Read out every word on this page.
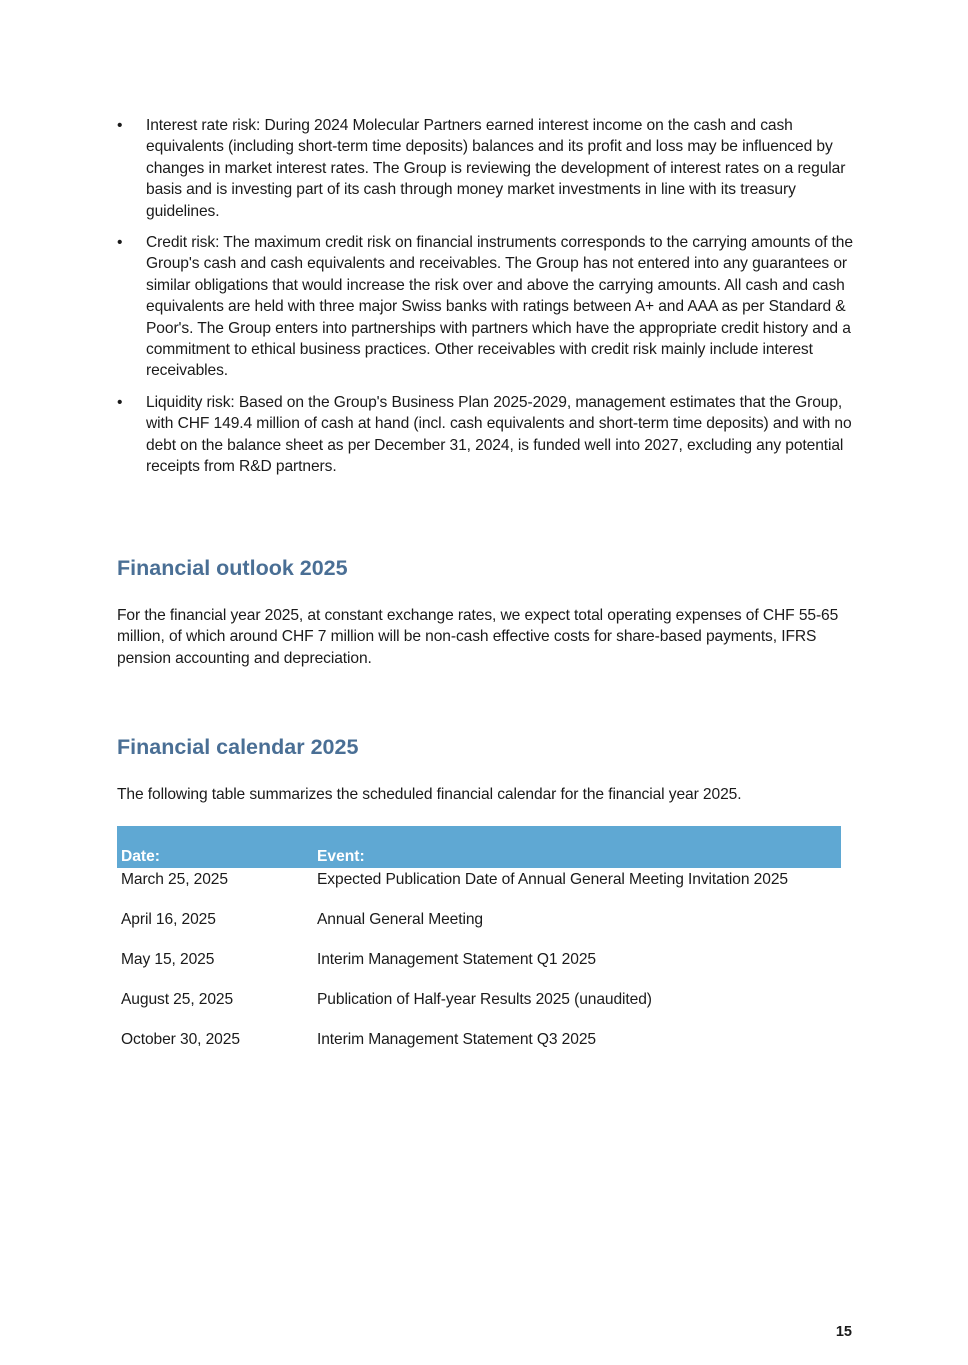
• Interest rate risk: During 2024 Molecular Partners earned interest income on the cash and cash equivalents (including short-term time deposits) balances and its profit and loss may be influenced by changes in market interest rates. The Group is reviewing the development of interest rates on a regular basis and is investing part of its cash through money market investments in line with its treasury guidelines.
• Credit risk: The maximum credit risk on financial instruments corresponds to the carrying amounts of the Group's cash and cash equivalents and receivables. The Group has not entered into any guarantees or similar obligations that would increase the risk over and above the carrying amounts. All cash and cash equivalents are held with three major Swiss banks with ratings between A+ and AAA as per Standard & Poor's. The Group enters into partnerships with partners which have the appropriate credit history and a commitment to ethical business practices. Other receivables with credit risk mainly include interest receivables.
• Liquidity risk: Based on the Group's Business Plan 2025-2029, management estimates that the Group, with CHF 149.4 million of cash at hand (incl. cash equivalents and short-term time deposits) and with no debt on the balance sheet as per December 31, 2024, is funded well into 2027, excluding any potential receipts from R&D partners.
Financial outlook 2025

For the financial year 2025, at constant exchange rates, we expect total operating expenses of CHF 55-65 million, of which around CHF 7 million will be non-cash effective costs for share-based payments, IFRS pension accounting and depreciation.

Financial calendar 2025

The following table summarizes the scheduled financial calendar for the financial year 2025.

Date:	Event:
March 25, 2025	Expected Publication Date of Annual General Meeting Invitation 2025
April 16, 2025	Annual General Meeting
May 15, 2025	Interim Management Statement Q1 2025
August 25, 2025	Publication of Half-year Results 2025 (unaudited)
October 30, 2025	Interim Management Statement Q3 2025
15
